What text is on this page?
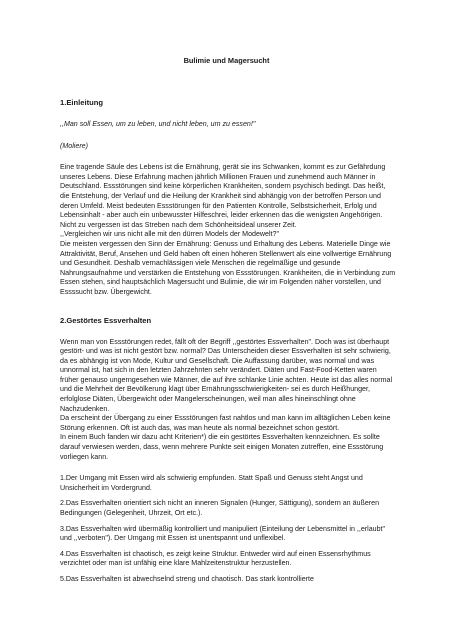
Bulimie und Magersucht
1.Einleitung

,,Man soll Essen, um zu leben, und nicht leben, um zu essen!"

(Moliere)

Eine tragende Säule des Lebens ist die Ernährung, gerät sie ins Schwanken, kommt es zur Gefährdung unseres Lebens. Diese Erfahrung machen jährlich Millionen Frauen und zunehmend auch Männer in Deutschland. Essstörungen sind keine körperlichen Krankheiten, sondern psychisch bedingt. Das heißt, die Entstehung, der Verlauf und die Heilung der Krankheit sind abhängig von der betroffen Person und deren Umfeld. Meist bedeuten Essstörungen für den Patienten Kontrolle, Selbstsicherheit, Erfolg und Lebensinhalt - aber auch ein unbewusster Hilfeschrei, leider erkennen das die wenigsten Angehörigen.

Nicht zu vergessen ist das Streben nach dem Schönheitsideal unserer Zeit.

,,Vergleichen wir uns nicht alle mit den dürren Models der Modewelt?"

Die meisten vergessen den Sinn der Ernährung: Genuss und Erhaltung des Lebens. Materielle Dinge wie Attraktivität, Beruf, Ansehen und Geld haben oft einen höheren Stellenwert als eine vollwertige Ernährung und Gesundheit. Deshalb vernachlässigen viele Menschen die regelmäßige und gesunde Nahrungsaufnahme und verstärken die Entstehung von Essstörungen. Krankheiten, die in Verbindung zum Essen stehen, sind hauptsächlich Magersucht und Bulimie, die wir im Folgenden näher vorstellen, und Essssucht bzw. Übergewicht.

2.Gestörtes Essverhalten

Wenn man von Essstörungen redet, fällt oft der Begriff ,,gestörtes Essverhalten". Doch was ist überhaupt gestört- und was ist nicht gestört bzw. normal? Das Unterscheiden dieser Essverhalten ist sehr schwierig, da es abhängig ist von Mode, Kultur und Gesellschaft. Die Auffassung darüber, was normal und was unnormal ist, hat sich in den letzten Jahrzehnten sehr verändert. Diäten und Fast-Food-Ketten waren früher genauso ungerngesehen wie Männer, die auf ihre schlanke Linie achten. Heute ist das alles normal und die Mehrheit der Bevölkerung klagt über Ernährungsschwierigkeiten- sei es durch Heißhunger, erfolglose Diäten, Übergewicht oder Mangelerscheinungen, weil man alles hineinschlingt ohne Nachzudenken.

Da erscheint der Übergang zu einer Essstörungen fast nahtlos und man kann im alltäglichen Leben keine Störung erkennen. Oft ist auch das, was man heute als normal bezeichnet schon gestört.

In einem Buch fanden wir dazu acht Kriterien*) die ein gestörtes Essverhalten kennzeichnen. Es sollte darauf verwiesen werden, dass, wenn mehrere Punkte seit einigen Monaten zutreffen, eine Essstörung vorliegen kann.

1.Der Umgang mit Essen wird als schwierig empfunden. Statt Spaß und Genuss steht Angst und Unsicherheit im Vordergrund.

2.Das Essverhalten orientiert sich nicht an inneren Signalen (Hunger, Sättigung), sondern an äußeren Bedingungen (Gelegenheit, Uhrzeit, Ort etc.).

3.Das Essverhalten wird übermäßig kontrolliert und manipuliert (Einteilung der Lebensmittel in ,,erlaubt" und ,,verboten"). Der Umgang mit Essen ist unentspannt und unflexibel.

4.Das Essverhalten ist chaotisch, es zeigt keine Struktur. Entweder wird auf einen Essensrhythmus verzichtet oder man ist unfähig eine klare Mahlzeitenstruktur herzustellen.

5.Das Essverhalten ist abwechselnd streng und chaotisch. Das stark kontrollierte
